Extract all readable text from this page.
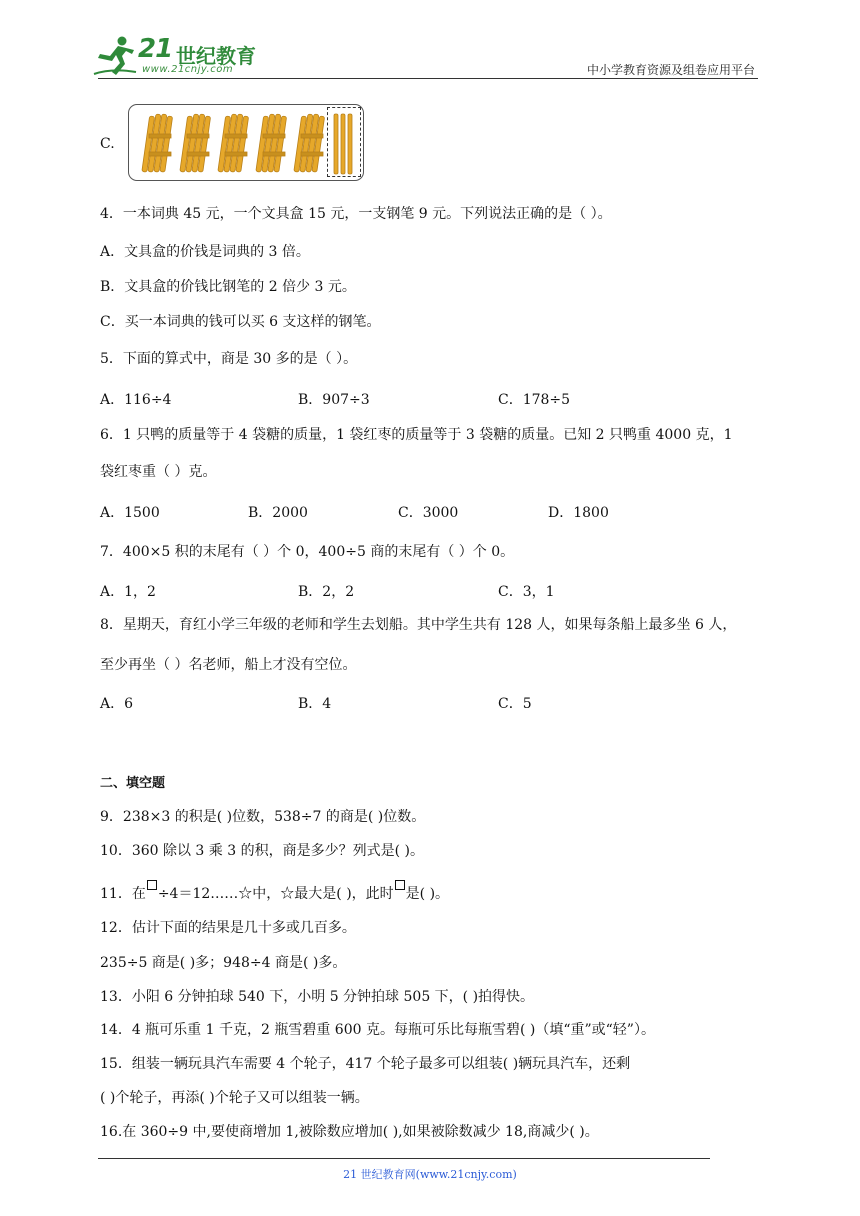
21 世纪教育
www.21cnjy.com	中小学教育资源及组卷应用平台
C.
4．一本词典 45 元，一个文具盒 15 元，一支钢笔 9 元。下列说法正确的是（ ）。
A．文具盒的价钱是词典的 3 倍。
B．文具盒的价钱比钢笔的 2 倍少 3 元。
C．买一本词典的钱可以买 6 支这样的钢笔。
5．下面的算式中，商是 30 多的是（ ）。
A．116÷4	B．907÷3	C．178÷5
6．1 只鸭的质量等于 4 袋糖的质量，1 袋红枣的质量等于 3 袋糖的质量。已知 2 只鸭重 4000 克，1
袋红枣重（ ）克。
A．1500	B．2000	C．3000	D．1800
7．400×5 积的末尾有（ ）个 0，400÷5 商的末尾有（ ）个 0。
A．1，2	B．2，2	C．3，1
8．星期天，育红小学三年级的老师和学生去划船。其中学生共有 128 人，如果每条船上最多坐 6 人，
至少再坐（ ）名老师，船上才没有空位。
A．6	B．4	C．5
二、填空题
9．238×3 的积是( )位数，538÷7 的商是( )位数。
10．360 除以 3 乘 3 的积，商是多少？列式是( )。
11．在 ÷4＝12……☆中，☆最大是( )，此时 是( )。
12．估计下面的结果是几十多或几百多。
235÷5 商是( )多；948÷4 商是( )多。
13．小阳 6 分钟拍球 540 下，小明 5 分钟拍球 505 下，( )拍得快。
14．4 瓶可乐重 1 千克，2 瓶雪碧重 600 克。每瓶可乐比每瓶雪碧( )（填“重”或“轻”）。
15．组装一辆玩具汽车需要 4 个轮子，417 个轮子最多可以组装( )辆玩具汽车，还剩
( )个轮子，再添( )个轮子又可以组装一辆。
16.在 360÷9 中,要使商增加 1,被除数应增加( ),如果被除数减少 18,商减少( )。
21 世纪教育网(www.21cnjy.com)
